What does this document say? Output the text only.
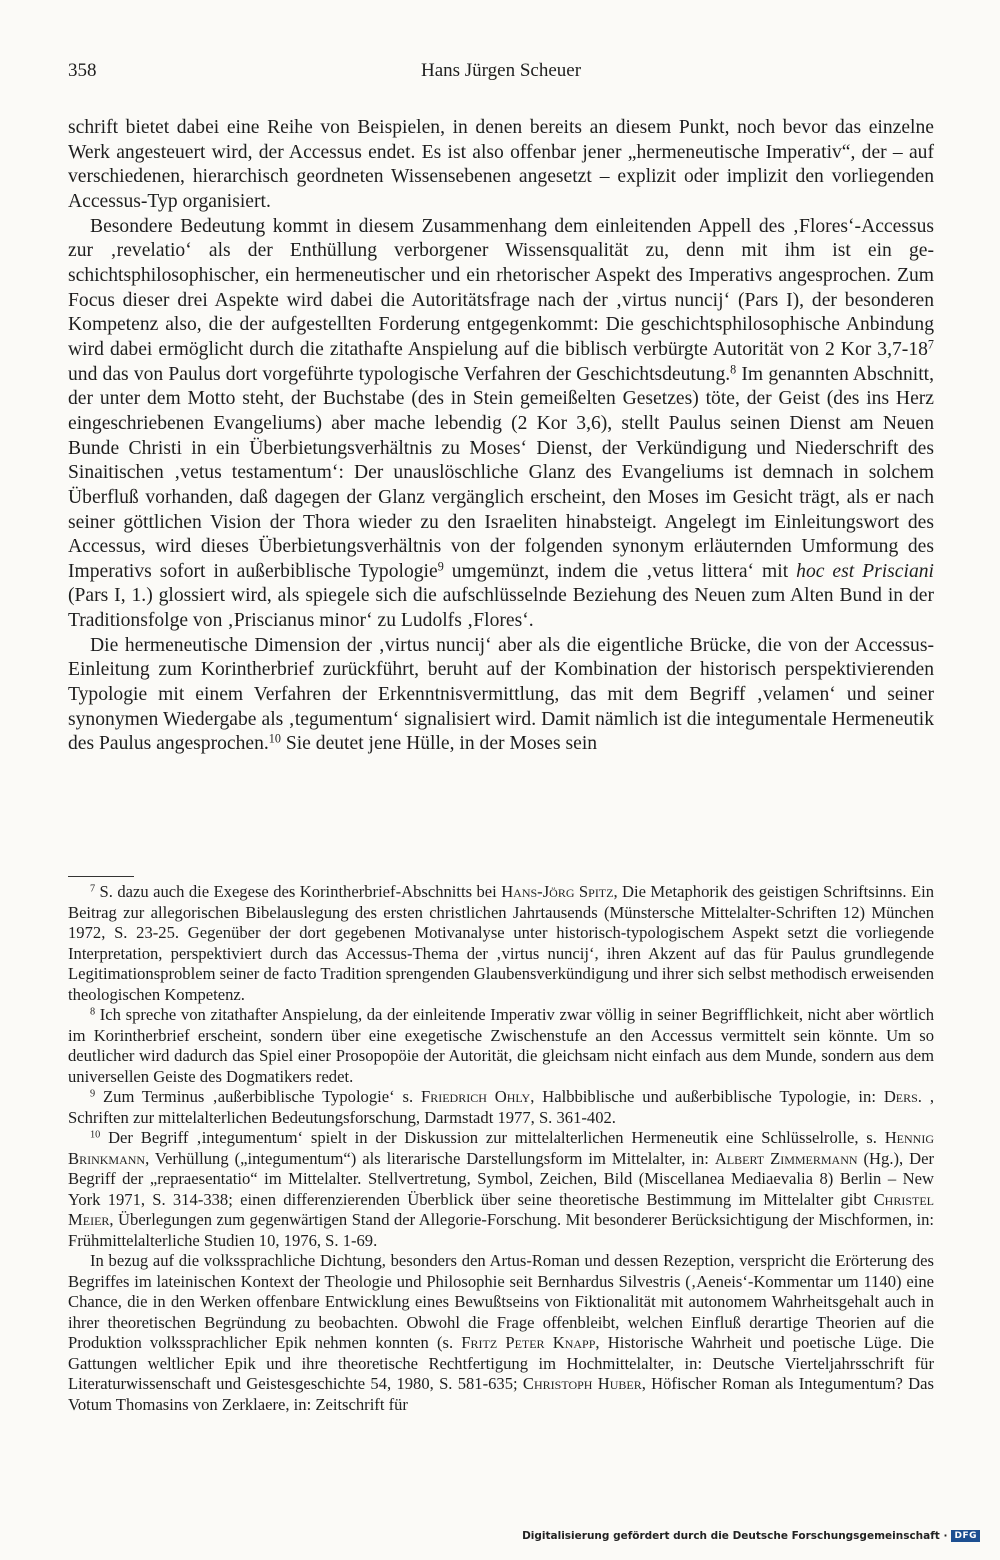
358	Hans Jürgen Scheuer

schrift bietet dabei eine Reihe von Beispielen, in denen bereits an diesem Punkt, noch bevor das einzelne Werk angesteuert wird, der Accessus endet. Es ist also offenbar jener „hermeneutische Imperativ“, der – auf verschiedenen, hierarchisch geordneten Wissensebenen angesetzt – explizit oder implizit den vorliegenden Accessus-Typ organisiert.

Besondere Bedeutung kommt in diesem Zusammenhang dem einleitenden Appell des ‚Flores‘-Accessus zur ‚revelatio‘ als der Enthüllung verborgener Wissensqualität zu, denn mit ihm ist ein geschichtsphilosophischer, ein hermeneutischer und ein rhetorischer Aspekt des Imperativs angesprochen. Zum Focus dieser drei Aspekte wird dabei die Autoritätsfrage nach der ‚virtus nuncij‘ (Pars I), der besonderen Kompetenz also, die der aufgestellten Forderung entgegenkommt: Die geschichtsphilosophische Anbindung wird dabei ermöglicht durch die zitathafte Anspielung auf die biblisch verbürgte Autorität von 2 Kor $3,7-18^7$ und das von Paulus dort vorgeführte typologische Verfahren der Geschichtsdeutung.$^8$ Im genannten Abschnitt, der unter dem Motto steht, der Buchstabe (des in Stein gemeißelten Gesetzes) töte, der Geist (des ins Herz eingeschriebenen Evangeliums) aber mache lebendig (2 Kor 3,6), stellt Paulus seinen Dienst am Neuen Bunde Christi in ein Überbietungsverhältnis zu Moses‘ Dienst, der Verkündigung und Niederschrift des Sinaitischen ‚vetus testamentum‘: Der unauslöschliche Glanz des Evangeliums ist demnach in solchem Überfluß vorhanden, daß dagegen der Glanz vergänglich erscheint, den Moses im Gesicht trägt, als er nach seiner göttlichen Vision der Thora wieder zu den Israeliten hinabsteigt. Angelegt im Einleitungswort des Accessus, wird dieses Überbietungsverhältnis von der folgenden synonym erläuternden Umformung des Imperativs sofort in außerbiblische Typologie$^9$ umgemünzt, indem die ‚vetus littera‘ mit hoc est Prisciani (Pars I, 1.) glossiert wird, als spiegele sich die aufschlüsselnde Beziehung des Neuen zum Alten Bund in der Traditionsfolge von ‚Priscianus minor‘ zu Ludolfs ‚Flores‘.

Die hermeneutische Dimension der ‚virtus nuncij‘ aber als die eigentliche Brücke, die von der Accessus-Einleitung zum Korintherbrief zurückführt, beruht auf der Kombination der historisch perspektivierenden Typologie mit einem Verfahren der Erkenntnisvermittlung, das mit dem Begriff ‚velamen‘ und seiner synonymen Wiedergabe als ‚tegumentum‘ signalisiert wird. Damit nämlich ist die integumentale Hermeneutik des Paulus angesprochen.$^{10}$ Sie deutet jene Hülle, in der Moses sein

$^7$ S. dazu auch die Exegese des Korintherbrief-Abschnitts bei Hans-Jörg Spitz, Die Metaphorik des geistigen Schriftsinns. Ein Beitrag zur allegorischen Bibelauslegung des ersten christlichen Jahrtausends (Münstersche Mittelalter-Schriften 12) München 1972, S. 23-25. Gegenüber der dort gegebenen Motivanalyse unter historisch-typologischem Aspekt setzt die vorliegende Interpretation, perspektiviert durch das Accessus-Thema der ‚virtus nuncij‘, ihren Akzent auf das für Paulus grundlegende Legitimationsproblem seiner de facto Tradition sprengenden Glaubensverkündigung und ihrer sich selbst methodisch erweisenden theologischen Kompetenz.

$^8$ Ich spreche von zitathafter Anspielung, da der einleitende Imperativ zwar völlig in seiner Begrifflichkeit, nicht aber wörtlich im Korintherbrief erscheint, sondern über eine exegetische Zwischenstufe an den Accessus vermittelt sein könnte. Um so deutlicher wird dadurch das Spiel einer Prosopopöie der Autorität, die gleichsam nicht einfach aus dem Munde, sondern aus dem universellen Geiste des Dogmatikers redet.

$^9$ Zum Terminus ‚außerbiblische Typologie‘ s. Friedrich Ohly, Halbbiblische und außerbiblische Typologie, in: Ders. , Schriften zur mittelalterlichen Bedeutungsforschung, Darmstadt 1977, S. 361-402.

$^{10}$ Der Begriff ‚integumentum‘ spielt in der Diskussion zur mittelalterlichen Hermeneutik eine Schlüsselrolle, s. Hennig Brinkmann, Verhüllung („integumentum“) als literarische Darstellungsform im Mittelalter, in: Albert Zimmermann (Hg.), Der Begriff der „repraesentatio“ im Mittelalter. Stellvertretung, Symbol, Zeichen, Bild (Miscellanea Mediaevalia 8) Berlin – New York 1971, S. 314-338; einen differenzierenden Überblick über seine theoretische Bestimmung im Mittelalter gibt Christel Meier, Überlegungen zum gegenwärtigen Stand der Allegorie-Forschung. Mit besonderer Berücksichtigung der Mischformen, in: Frühmittelalterliche Studien 10, 1976, S. 1-69.

In bezug auf die volkssprachliche Dichtung, besonders den Artus-Roman und dessen Rezeption, verspricht die Erörterung des Begriffes im lateinischen Kontext der Theologie und Philosophie seit Bernhardus Silvestris (‚Aeneis‘-Kommentar um 1140) eine Chance, die in den Werken offenbare Entwicklung eines Bewußtseins von Fiktionalität mit autonomem Wahrheitsgehalt auch in ihrer theoretischen Begründung zu beobachten. Obwohl die Frage offenbleibt, welchen Einfluß derartige Theorien auf die Produktion volkssprachlicher Epik nehmen konnten (s. Fritz Peter Knapp, Historische Wahrheit und poetische Lüge. Die Gattungen weltlicher Epik und ihre theoretische Rechtfertigung im Hochmittelalter, in: Deutsche Vierteljahrsschrift für Literaturwissenschaft und Geistesgeschichte 54, 1980, S. 581-635; Christoph Huber, Höfischer Roman als Integumentum? Das Votum Thomasins von Zerklaere, in: Zeitschrift für

Digitalisierung gefördert durch die Deutsche Forschungsgemeinschaft · DFG
